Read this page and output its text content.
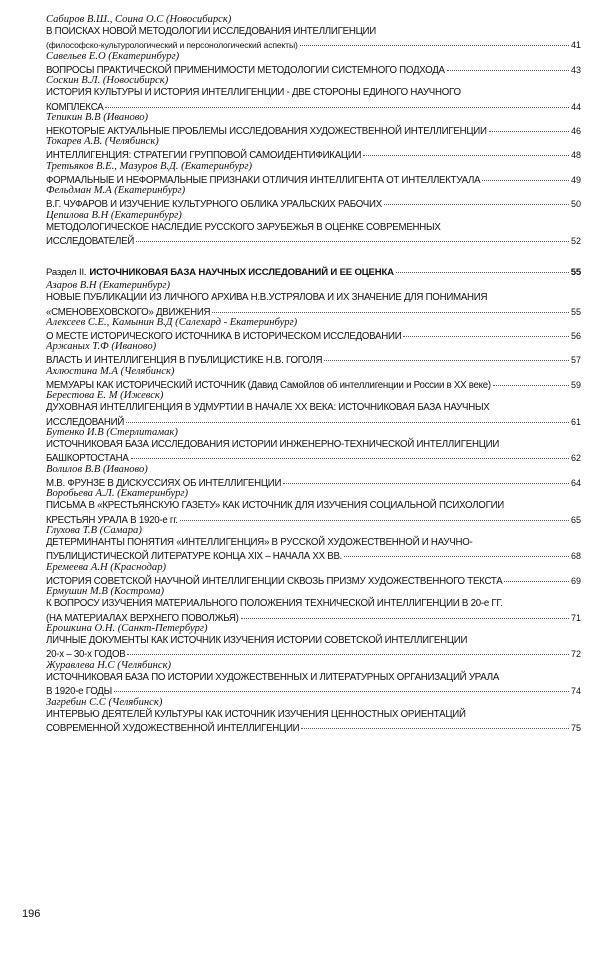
Сабиров В.Ш., Соина О.С (Новосибирск)
В ПОИСКАХ НОВОЙ МЕТОДОЛОГИИ ИССЛЕДОВАНИЯ ИНТЕЛЛИГЕНЦИИ
(философско-культурологический и персонологический аспекты)	41
Савельев Е.О (Екатеринбург)
ВОПРОСЫ ПРАКТИЧЕСКОЙ ПРИМЕНИМОСТИ МЕТОДОЛОГИИ СИСТЕМНОГО ПОДХОДА	43
Соскин В.Л. (Новосибирск)
ИСТОРИЯ КУЛЬТУРЫ И ИСТОРИЯ ИНТЕЛЛИГЕНЦИИ - ДВЕ СТОРОНЫ ЕДИНОГО НАУЧНОГО
КОМПЛЕКСА	44
Тепикин В.В (Иваново)
НЕКОТОРЫЕ АКТУАЛЬНЫЕ ПРОБЛЕМЫ ИССЛЕДОВАНИЯ ХУДОЖЕСТВЕННОЙ ИНТЕЛЛИГЕНЦИИ	46
Токарев А.В. (Челябинск)
ИНТЕЛЛИГЕНЦИЯ: СТРАТЕГИИ ГРУППОВОЙ САМОИДЕНТИФИКАЦИИ	48
Третьяков В.Е., Мазуров В.Д. (Екатеринбург)
ФОРМАЛЬНЫЕ И НЕФОРМАЛЬНЫЕ ПРИЗНАКИ ОТЛИЧИЯ ИНТЕЛЛИГЕНТА ОТ ИНТЕЛЛЕКТУАЛА	49
Фельдман М.А (Екатеринбург)
В.Г. ЧУФАРОВ И ИЗУЧЕНИЕ КУЛЬТУРНОГО ОБЛИКА УРАЛЬСКИХ РАБОЧИХ	50
Цепилова В.Н (Екатеринбург)
МЕТОДОЛОГИЧЕСКОЕ НАСЛЕДИЕ РУССКОГО ЗАРУБЕЖЬЯ В ОЦЕНКЕ СОВРЕМЕННЫХ
ИССЛЕДОВАТЕЛЕЙ	52
Раздел II. ИСТОЧНИКОВАЯ БАЗА НАУЧНЫХ ИССЛЕДОВАНИЙ И ЕЕ ОЦЕНКА	55
Азаров В.Н (Екатеринбург)
НОВЫЕ ПУБЛИКАЦИИ ИЗ ЛИЧНОГО АРХИВА Н.В.УСТРЯЛОВА И ИХ ЗНАЧЕНИЕ ДЛЯ ПОНИМАНИЯ
«СМЕНОВЕХОВСКОГО» ДВИЖЕНИЯ	55
Алексеев С.Е., Камынин В.Д (Салехард - Екатеринбург)
О МЕСТЕ ИСТОРИЧЕСКОГО ИСТОЧНИКА В ИСТОРИЧЕСКОМ ИССЛЕДОВАНИИ	56
Аржаных Т.Ф (Иваново)
ВЛАСТЬ И ИНТЕЛЛИГЕНЦИЯ В ПУБЛИЦИСТИКЕ Н.В. ГОГОЛЯ	57
Ахлюстина М.А (Челябинск)
МЕМУАРЫ КАК ИСТОРИЧЕСКИЙ ИСТОЧНИК (Давид Самойлов об интеллигенции и России в XX веке)	59
Берестова Е. М (Ижевск)
ДУХОВНАЯ ИНТЕЛЛИГЕНЦИЯ В УДМУРТИИ В НАЧАЛЕ XX ВЕКА: ИСТОЧНИКОВАЯ БАЗА НАУЧНЫХ
ИССЛЕДОВАНИЙ	61
Бутенко И.В (Стерлитамак)
ИСТОЧНИКОВАЯ БАЗА ИССЛЕДОВАНИЯ ИСТОРИИ ИНЖЕНЕРНО-ТЕХНИЧЕСКОЙ ИНТЕЛЛИГЕНЦИИ
БАШКОРТОСТАНА	62
Волилов В.В (Иваново)
М.В. ФРУНЗЕ В ДИСКУССИЯХ ОБ ИНТЕЛЛИГЕНЦИИ	64
Воробьева А.Л. (Екатеринбург)
ПИСЬМА В «КРЕСТЬЯНСКУЮ ГАЗЕТУ» КАК ИСТОЧНИК ДЛЯ ИЗУЧЕНИЯ СОЦИАЛЬНОЙ ПСИХОЛОГИИ
КРЕСТЬЯН УРАЛА В 1920-е гг.	65
Глухова Т.В (Самара)
ДЕТЕРМИНАНТЫ ПОНЯТИЯ «ИНТЕЛЛИГЕНЦИЯ» В РУССКОЙ ХУДОЖЕСТВЕННОЙ И НАУЧНО-
ПУБЛИЦИСТИЧЕСКОЙ ЛИТЕРАТУРЕ КОНЦА XIX – НАЧАЛА XX ВВ.	68
Еремеева А.Н (Краснодар)
ИСТОРИЯ СОВЕТСКОЙ НАУЧНОЙ ИНТЕЛЛИГЕНЦИИ СКВОЗЬ ПРИЗМУ ХУДОЖЕСТВЕННОГО ТЕКСТА	69
Ермушин М.В (Кострома)
К ВОПРОСУ ИЗУЧЕНИЯ МАТЕРИАЛЬНОГО ПОЛОЖЕНИЯ ТЕХНИЧЕСКОЙ ИНТЕЛЛИГЕНЦИИ В 20-е ГГ.
(НА МАТЕРИАЛАХ ВЕРХНЕГО ПОВОЛЖЬЯ)	71
Ерошкина О.Н. (Санкт-Петербург)
ЛИЧНЫЕ ДОКУМЕНТЫ КАК ИСТОЧНИК ИЗУЧЕНИЯ ИСТОРИИ СОВЕТСКОЙ ИНТЕЛЛИГЕНЦИИ
20-х – 30-х ГОДОВ	72
Журавлева Н.С (Челябинск)
ИСТОЧНИКОВАЯ БАЗА ПО ИСТОРИИ ХУДОЖЕСТВЕННЫХ И ЛИТЕРАТУРНЫХ ОРГАНИЗАЦИЙ УРАЛА
В 1920-е ГОДЫ	74
Загребин С.С (Челябинск)
ИНТЕРВЬЮ ДЕЯТЕЛЕЙ КУЛЬТУРЫ КАК ИСТОЧНИК ИЗУЧЕНИЯ ЦЕННОСТНЫХ ОРИЕНТАЦИЙ
СОВРЕМЕННОЙ ХУДОЖЕСТВЕННОЙ ИНТЕЛЛИГЕНЦИИ	75
196
